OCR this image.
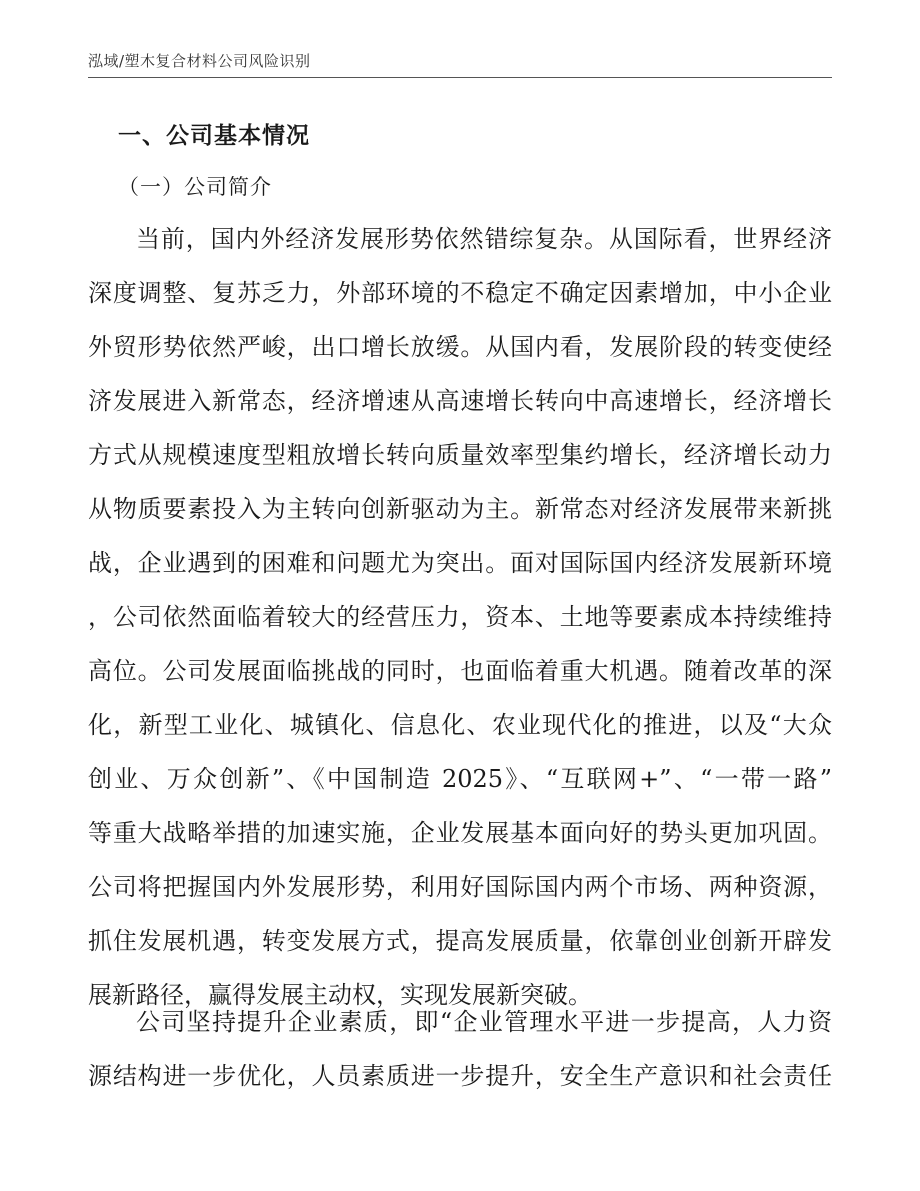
泓域/塑木复合材料公司风险识别
一、公司基本情况
（一）公司简介
当前，国内外经济发展形势依然错综复杂。从国际看，世界经济
深度调整、复苏乏力，外部环境的不稳定不确定因素增加，中小企业
外贸形势依然严峻，出口增长放缓。从国内看，发展阶段的转变使经
济发展进入新常态，经济增速从高速增长转向中高速增长，经济增长
方式从规模速度型粗放增长转向质量效率型集约增长，经济增长动力
从物质要素投入为主转向创新驱动为主。新常态对经济发展带来新挑
战，企业遇到的困难和问题尤为突出。面对国际国内经济发展新环境
，公司依然面临着较大的经营压力，资本、土地等要素成本持续维持
高位。公司发展面临挑战的同时，也面临着重大机遇。随着改革的深
化，新型工业化、城镇化、信息化、农业现代化的推进，以及“大众
创业、万众创新”、《中国制造 2025》、“互联网+”、“一带一路”
等重大战略举措的加速实施，企业发展基本面向好的势头更加巩固。
公司将把握国内外发展形势，利用好国际国内两个市场、两种资源，
抓住发展机遇，转变发展方式，提高发展质量，依靠创业创新开辟发
展新路径，赢得发展主动权，实现发展新突破。
公司坚持提升企业素质，即“企业管理水平进一步提高，人力资
源结构进一步优化，人员素质进一步提升，安全生产意识和社会责任
